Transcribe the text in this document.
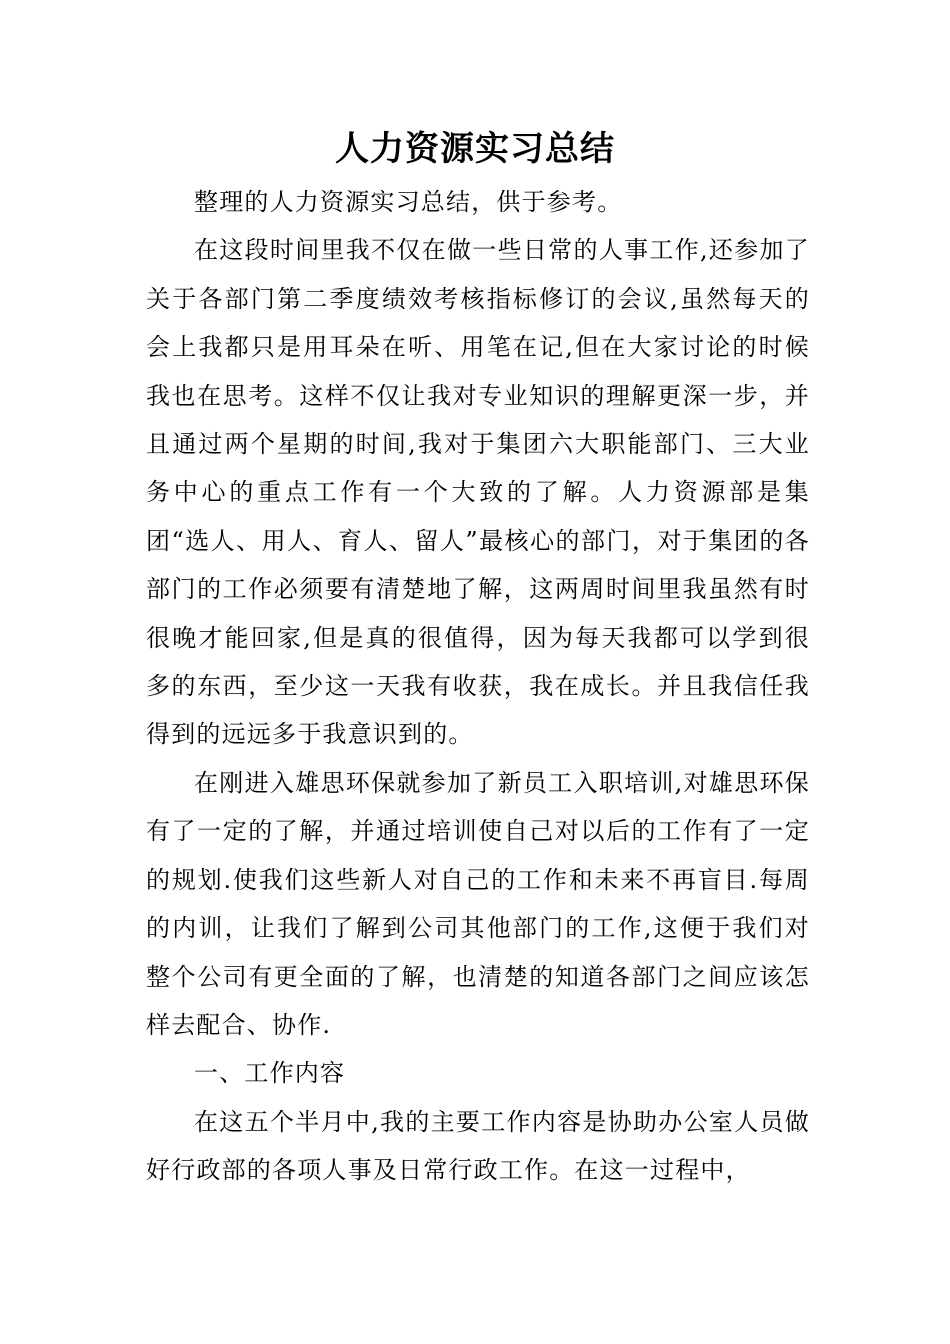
人力资源实习总结

整理的人力资源实习总结，供于参考。

在这段时间里我不仅在做一些日常的人事工作,还参加了关于各部门第二季度绩效考核指标修订的会议,虽然每天的会上我都只是用耳朵在听、用笔在记,但在大家讨论的时候我也在思考。这样不仅让我对专业知识的理解更深一步，并且通过两个星期的时间,我对于集团六大职能部门、三大业务中心的重点工作有一个大致的了解。人力资源部是集团“选人、用人、育人、留人”最核心的部门，对于集团的各部门的工作必须要有清楚地了解，这两周时间里我虽然有时很晚才能回家,但是真的很值得，因为每天我都可以学到很多的东西，至少这一天我有收获，我在成长。并且我信任我得到的远远多于我意识到的。

在刚进入雄思环保就参加了新员工入职培训,对雄思环保有了一定的了解，并通过培训使自己对以后的工作有了一定的规划.使我们这些新人对自己的工作和未来不再盲目.每周的内训，让我们了解到公司其他部门的工作,这便于我们对整个公司有更全面的了解，也清楚的知道各部门之间应该怎样去配合、协作.

一、工作内容

在这五个半月中,我的主要工作内容是协助办公室人员做好行政部的各项人事及日常行政工作。在这一过程中，
